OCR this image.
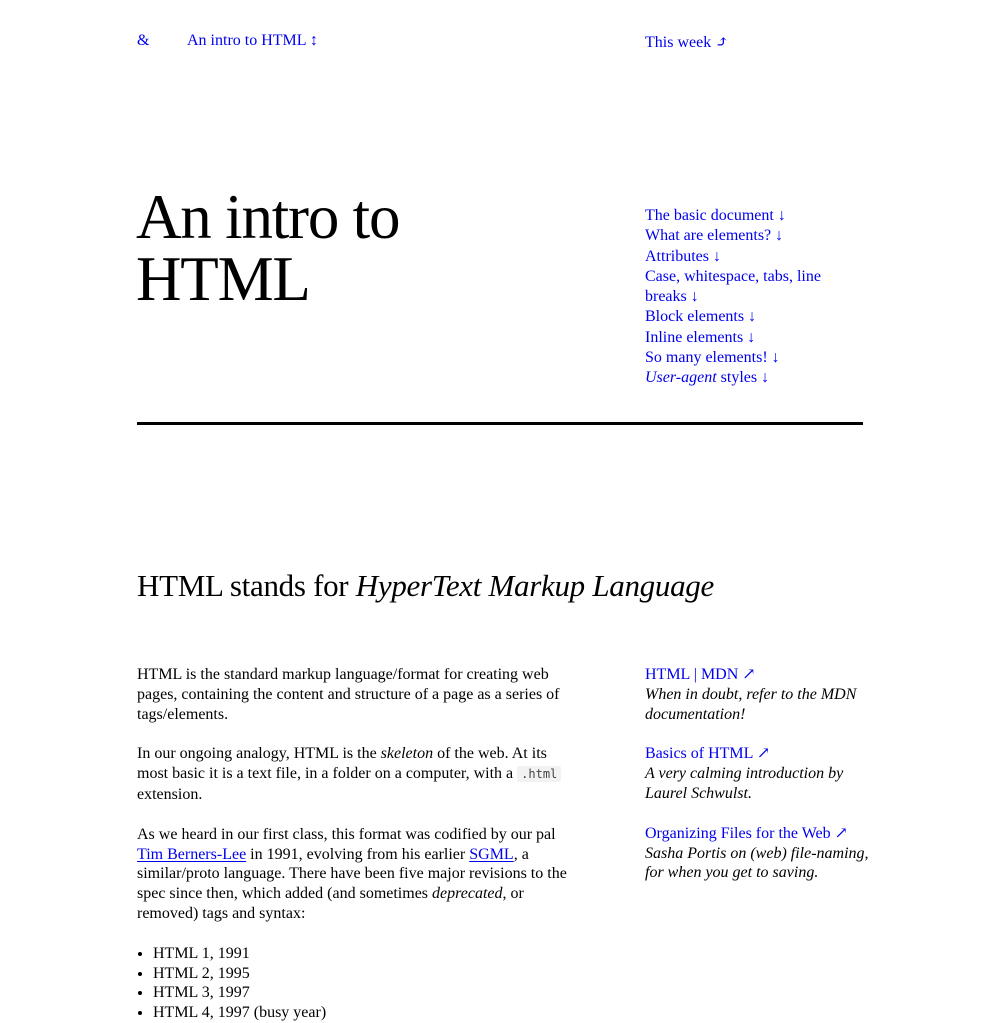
& An intro to HTML ↕	This week ⤴
An intro to
HTML
The basic document ↓
What are elements? ↓
Attributes ↓
Case, whitespace, tabs, line breaks ↓
Block elements ↓
Inline elements ↓
So many elements! ↓
User-agent styles ↓
HTML stands for HyperText Markup Language

HTML is the standard markup language/format for creating web pages, containing the content and structure of a page as a series of tags/elements.

In our ongoing analogy, HTML is the skeleton of the web. At its most basic it is a text file, in a folder on a computer, with a .html extension.

As we heard in our first class, this format was codified by our pal Tim Berners-Lee in 1991, evolving from his earlier SGML, a similar/proto language. There have been five major revisions to the spec since then, which added (and sometimes deprecated, or removed) tags and syntax:

• HTML 1, 1991
• HTML 2, 1995
• HTML 3, 1997
• HTML 4, 1997 (busy year)
HTML | MDN ↗
When in doubt, refer to the MDN documentation!
Basics of HTML ↗
A very calming introduction by Laurel Schwulst.
Organizing Files for the Web ↗
Sasha Portis on (web) file-naming, for when you get to saving.
